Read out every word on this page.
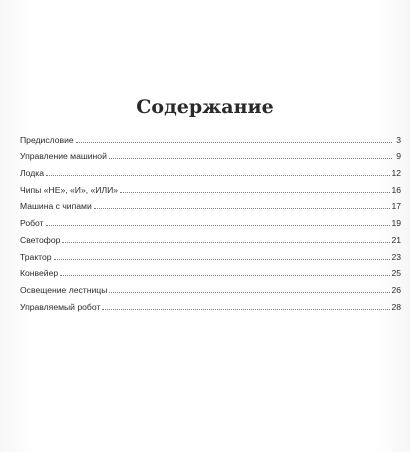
Содержание
Предисловие	3
Управление машиной	9
Лодка	12
Чипы «НЕ», «И», «ИЛИ»	16
Машина с чипами	17
Робот	19
Светофор	21
Трактор	23
Конвейер	25
Освещение лестницы	26
Управляемый робот	28
